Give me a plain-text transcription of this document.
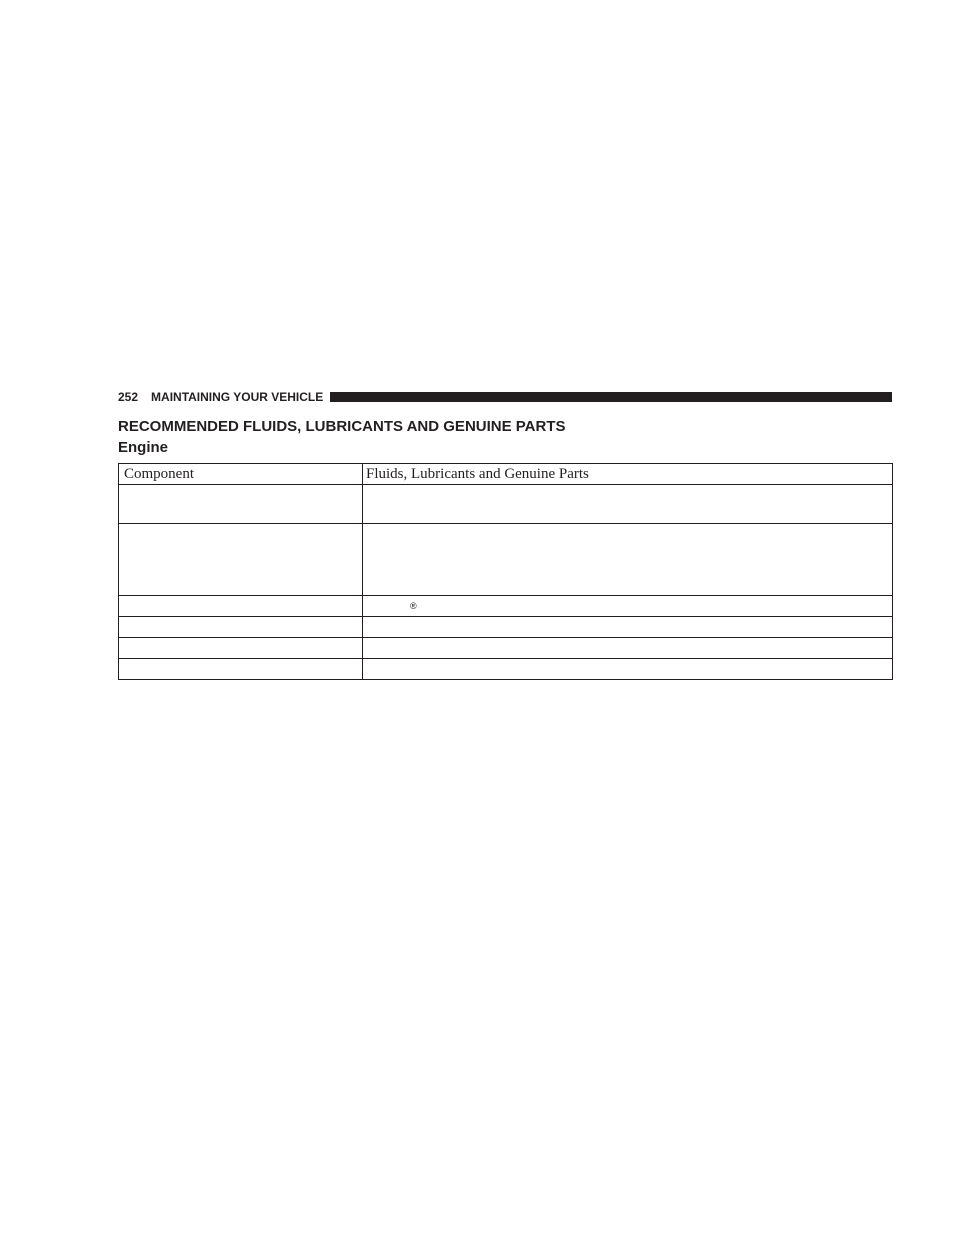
252 MAINTAINING YOUR VEHICLE
RECOMMENDED FLUIDS, LUBRICANTS AND GENUINE PARTS
Engine
Component	Fluids, Lubricants and Genuine Parts

	®
